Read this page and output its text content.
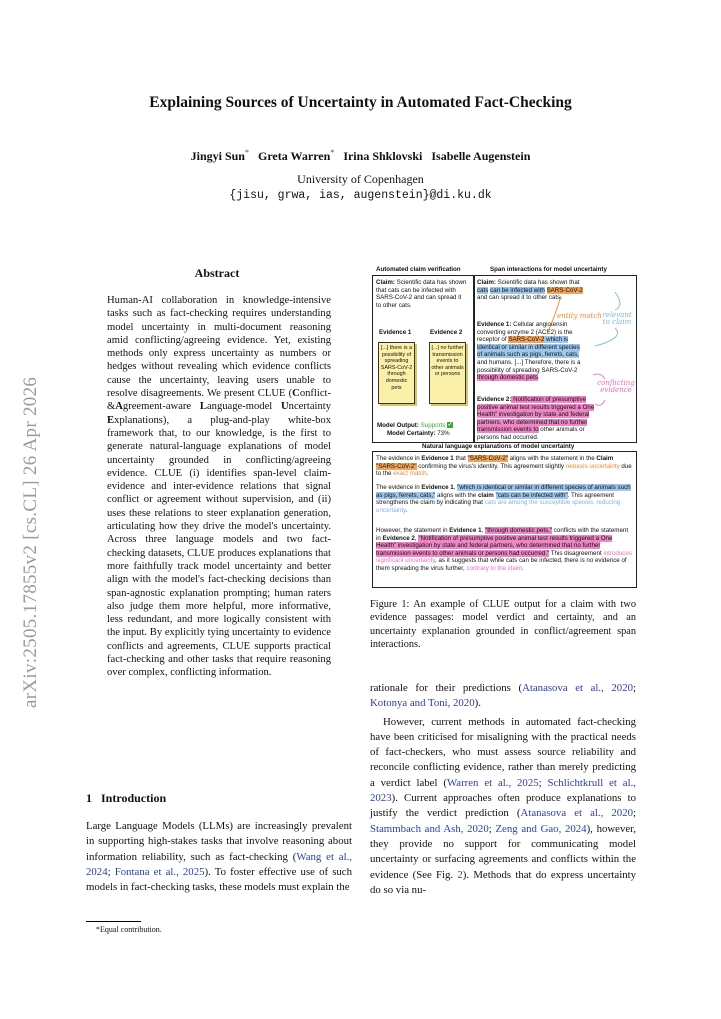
Explaining Sources of Uncertainty in Automated Fact-Checking
Jingyi Sun* Greta Warren* Irina Shklovski Isabelle Augenstein
University of Copenhagen
{jisu, grwa, ias, augenstein}@di.ku.dk
arXiv:2505.17855v2 [cs.CL] 26 Apr 2026
Abstract
Human-AI collaboration in knowledge-intensive tasks such as fact-checking requires understanding model uncertainty in multi-document reasoning amid conflicting/agreeing evidence. Yet, existing methods only express uncertainty as numbers or hedges without revealing which evidence conflicts cause the uncertainty, leaving users unable to resolve disagreements. We present CLUE (Conflict-&Agreement-aware Language-model Uncertainty Explanations), a plug-and-play white-box framework that, to our knowledge, is the first to generate natural-language explanations of model uncertainty grounded in conflicting/agreeing evidence. CLUE (i) identifies span-level claim-evidence and inter-evidence relations that signal conflict or agreement without supervision, and (ii) uses these relations to steer explanation generation, articulating how they drive the model's uncertainty. Across three language models and two fact-checking datasets, CLUE produces explanations that more faithfully track model uncertainty and better align with the model's fact-checking decisions than span-agnostic explanation prompting; human raters also judge them more helpful, more informative, less redundant, and more logically consistent with the input. By explicitly tying uncertainty to evidence conflicts and agreements, CLUE supports practical fact-checking and other tasks that require reasoning over complex, conflicting information.
1 Introduction
Large Language Models (LLMs) are increasingly prevalent in supporting high-stakes tasks that involve reasoning about information reliability, such as fact-checking (Wang et al., 2024; Fontana et al., 2025). To foster effective use of such models in fact-checking tasks, these models must explain the
*Equal contribution.
rationale for their predictions (Atanasova et al., 2020; Kotonya and Toni, 2020).
However, current methods in automated fact-checking have been criticised for misaligning with the practical needs of fact-checkers, who must assess source reliability and reconcile conflicting evidence, rather than merely predicting a verdict label (Warren et al., 2025; Schlichtkrull et al., 2023). Current approaches often produce explanations to justify the verdict prediction (Atanasova et al., 2020; Stammbach and Ash, 2020; Zeng and Gao, 2024), however, they provide no support for communicating model uncertainty or surfacing agreements and conflicts within the evidence (See Fig. 2). Methods that do express uncertainty do so via nu-
Automated claim verification	Span interactions for model uncertainty
Claim: Scientific data has shown that cats can be infected with SARS-CoV-2 and can spread it to other cats.
Evidence 1	Evidence 2
[...] there is a possibility of spreading SARS-CoV-2 through domestic pets
[...] no further transmission events to other animals or persons
Model Output: Supports ✓
Model Certainty: 73%
Claim: Scientific data has shown that cats can be infected with SARS-CoV-2 and can spread it to other cats.
Evidence 1: Cellular angiotensin converting enzyme 2 (ACE2) is the receptor of SARS-CoV-2 which is identical or similar in different species of animals such as pigs, ferrets, cats, and humans. [...] Therefore, there is a possibility of spreading SARS-CoV-2 through domestic pets.
Evidence 2: Notification of presumptive positive animal test results triggered a One Health" investigation by state and federal partners, who determined that no further transmission events to other animals or persons had occurred.
entity match relevant to claim
conflicting evidence
Natural language explanations of model uncertainty
The evidence in Evidence 1 that "SARS-CoV-2" aligns with the statement in the Claim "SARS-CoV-2" confirming the virus's identity. This agreement slightly reduces uncertainty due to the exact match.
The evidence in Evidence 1, "which is identical or similar in different species of animals such as pigs, ferrets, cats," aligns with the claim "cats can be infected with". This agreement strengthens the claim by indicating that cats are among the susceptible species, reducing uncertainty.
However, the statement in Evidence 1, "through domestic pets," conflicts with the statement in Evidence 2, "Notification of presumptive positive animal test results triggered a One Health" investigation by state and federal partners, who determined that no further transmission events to other animals or persons had occurred." This disagreement introduces significant uncertainty, as it suggests that while cats can be infected, there is no evidence of them spreading the virus further, contrary to the claim.
Figure 1: An example of CLUE output for a claim with two evidence passages: model verdict and certainty, and an uncertainty explanation grounded in conflict/agreement span interactions.
